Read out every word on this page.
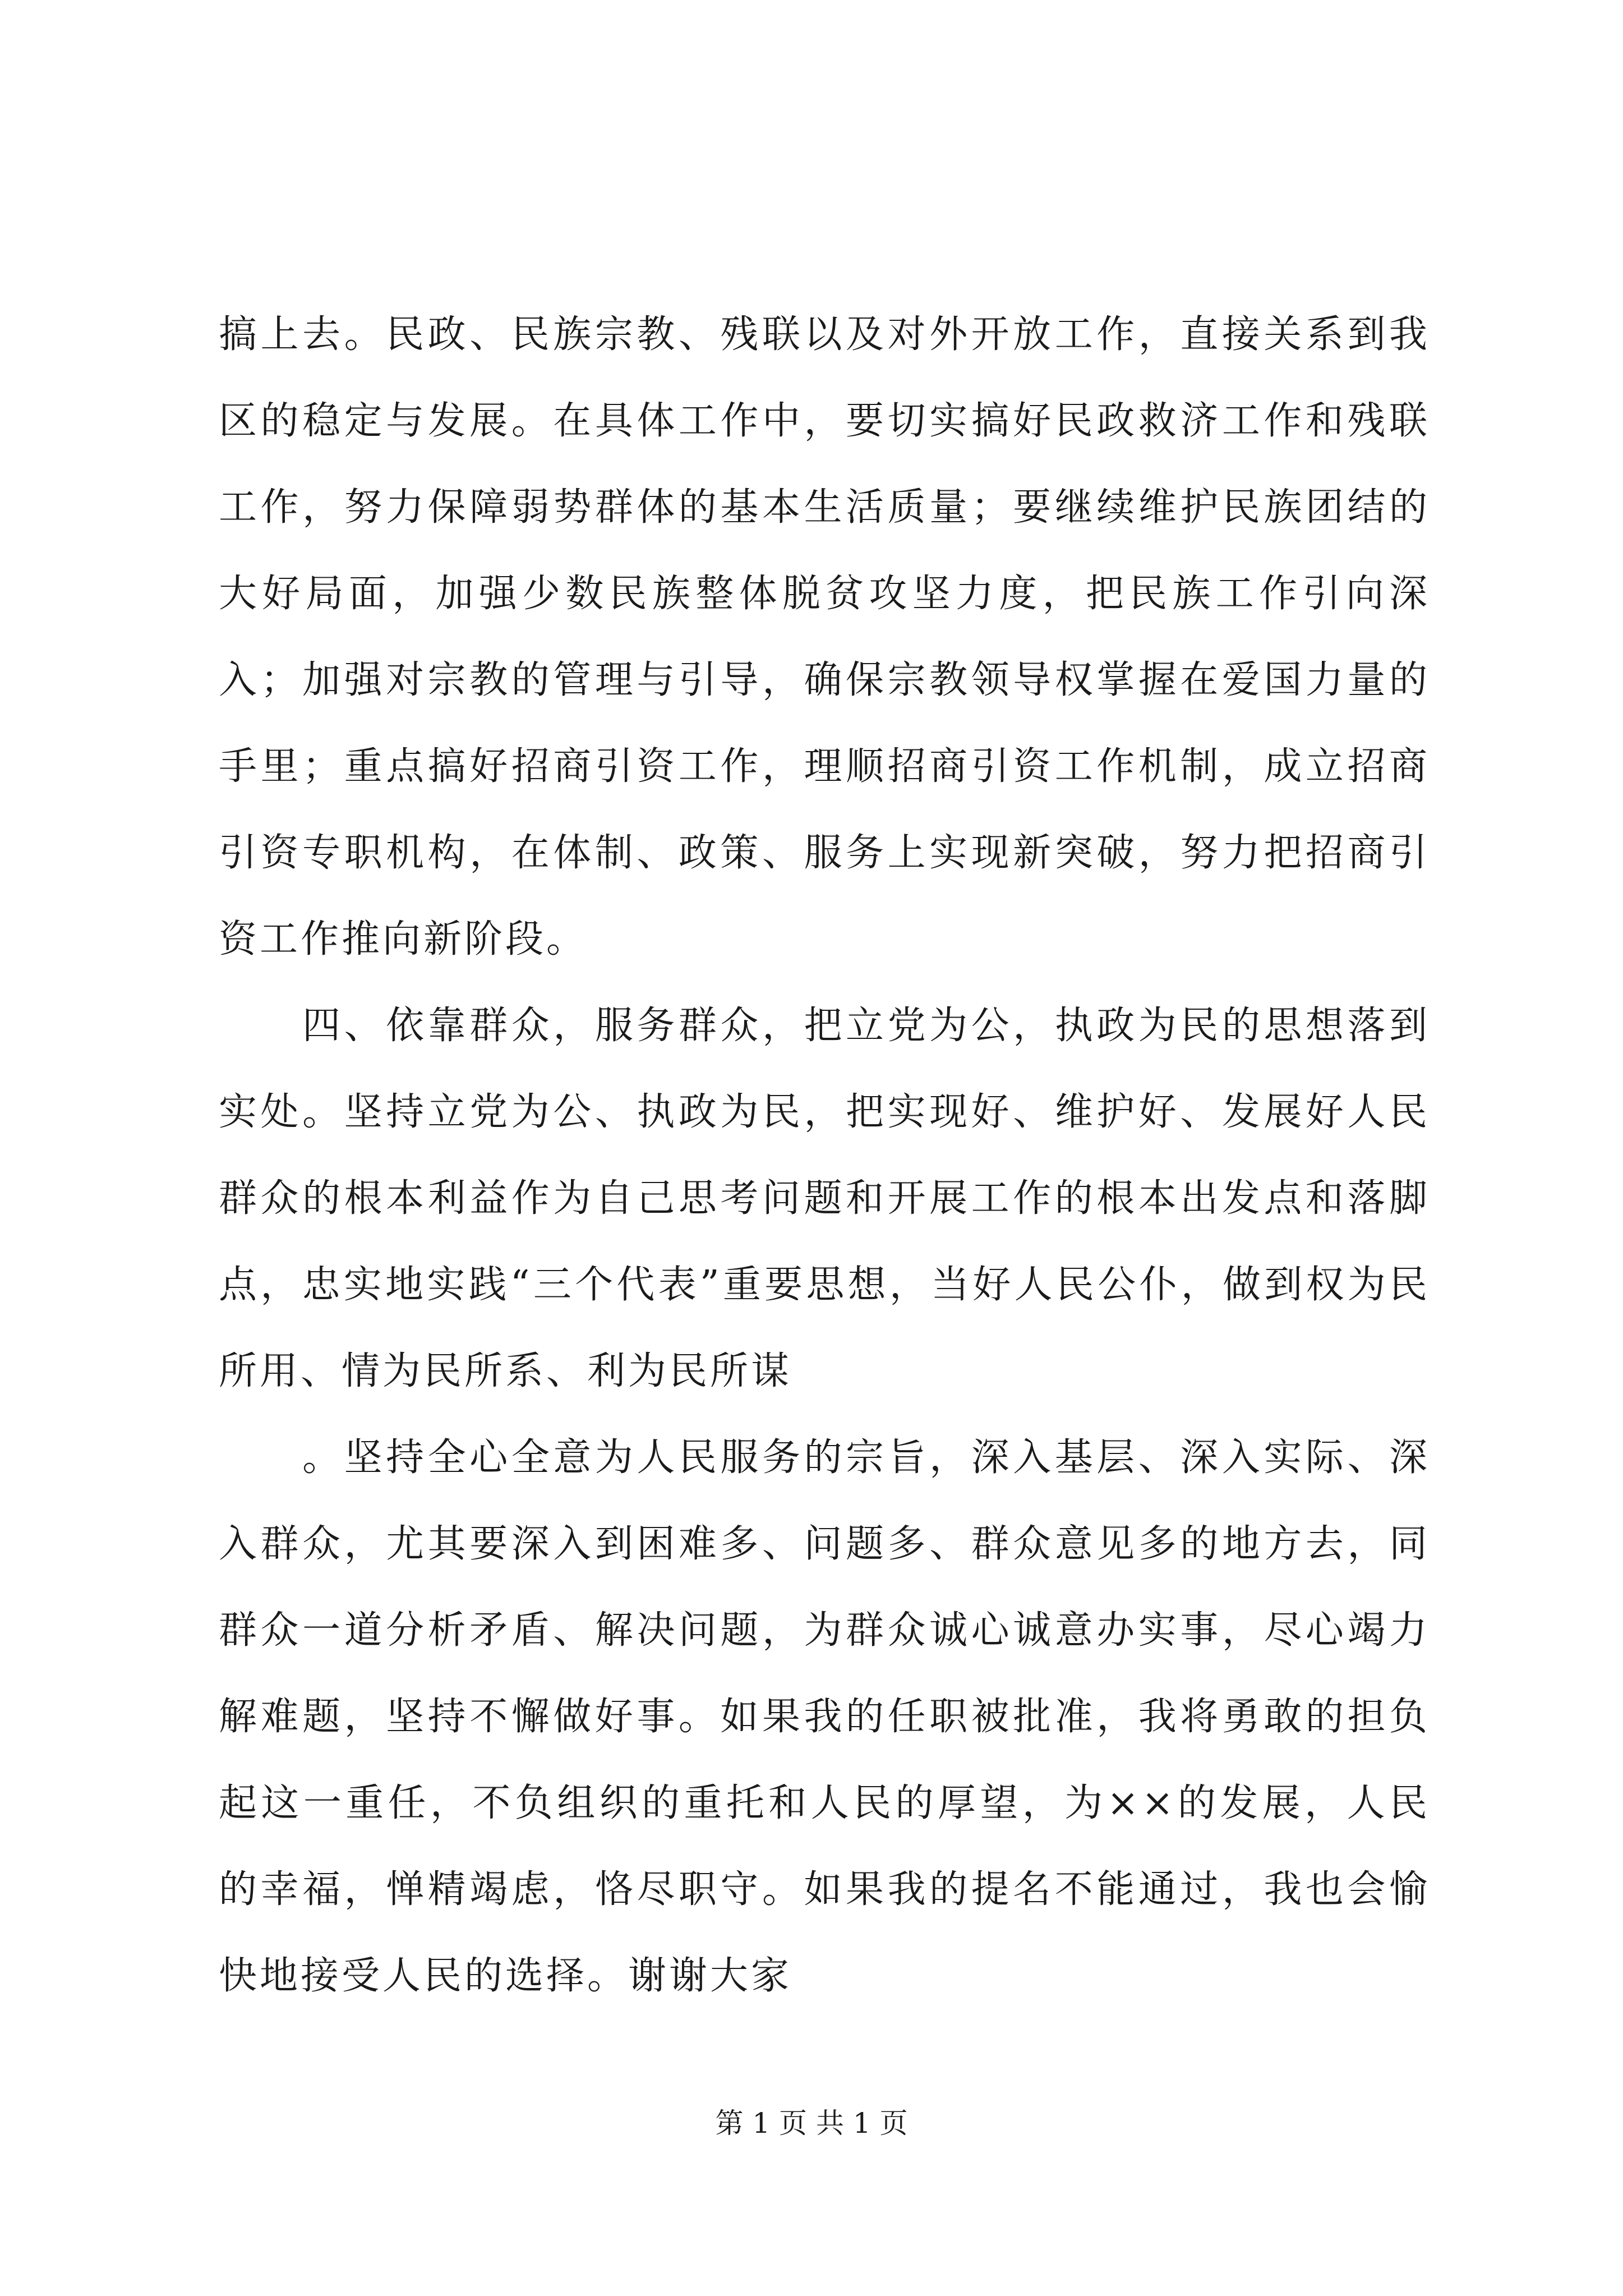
搞上去。民政、民族宗教、残联以及对外开放工作，直接关系到我区的稳定与发展。在具体工作中，要切实搞好民政救济工作和残联工作，努力保障弱势群体的基本生活质量；要继续维护民族团结的大好局面，加强少数民族整体脱贫攻坚力度，把民族工作引向深入；加强对宗教的管理与引导，确保宗教领导权掌握在爱国力量的手里；重点搞好招商引资工作，理顺招商引资工作机制，成立招商引资专职机构，在体制、政策、服务上实现新突破，努力把招商引资工作推向新阶段。

　　四、依靠群众，服务群众，把立党为公，执政为民的思想落到实处。坚持立党为公、执政为民，把实现好、维护好、发展好人民群众的根本利益作为自己思考问题和开展工作的根本出发点和落脚点，忠实地实践“三个代表”重要思想，当好人民公仆，做到权为民所用、情为民所系、利为民所谋

　　。坚持全心全意为人民服务的宗旨，深入基层、深入实际、深入群众，尤其要深入到困难多、问题多、群众意见多的地方去，同群众一道分析矛盾、解决问题，为群众诚心诚意办实事，尽心竭力解难题，坚持不懈做好事。如果我的任职被批准，我将勇敢的担负起这一重任，不负组织的重托和人民的厚望，为××的发展，人民的幸福，惮精竭虑，恪尽职守。如果我的提名不能通过，我也会愉快地接受人民的选择。谢谢大家

第 1 页 共 1 页
